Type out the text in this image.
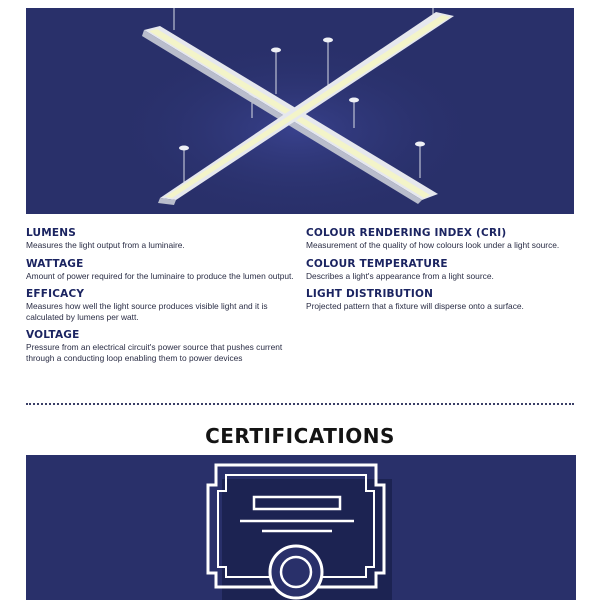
LUMENS

Measures the light output from a luminaire.

WATTAGE

Amount of power required for the luminaire to produce the lumen output.

EFFICACY

Measures how well the light source produces visible light and it is calculated by lumens per watt.

VOLTAGE

Pressure from an electrical circuit's power source that pushes current through a conducting loop enabling them to power devices

COLOUR RENDERING INDEX (CRI)

Measurement of the quality of how colours look under a light source.

COLOUR TEMPERATURE

Describes a light's appearance from a light source.

LIGHT DISTRIBUTION

Projected pattern that a fixture will disperse onto a surface.

CERTIFICATIONS
